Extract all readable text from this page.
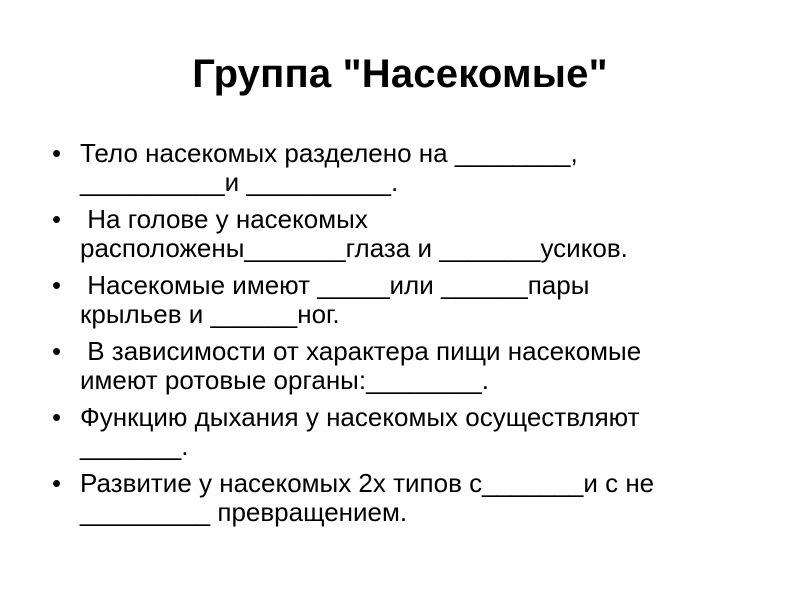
Группа "Насекомые"
• Тело насекомых разделено на ________,
__________и __________.
• На голове у насекомых
расположены_______глаза и _______усиков.
• Насекомые имеют _____или ______пары
крыльев и ______ног.
• В зависимости от характера пищи насекомые
имеют ротовые органы:________.
• Функцию дыхания у насекомых осуществляют
_______.
• Развитие у насекомых 2х типов с_______и с не
_________ превращением.
